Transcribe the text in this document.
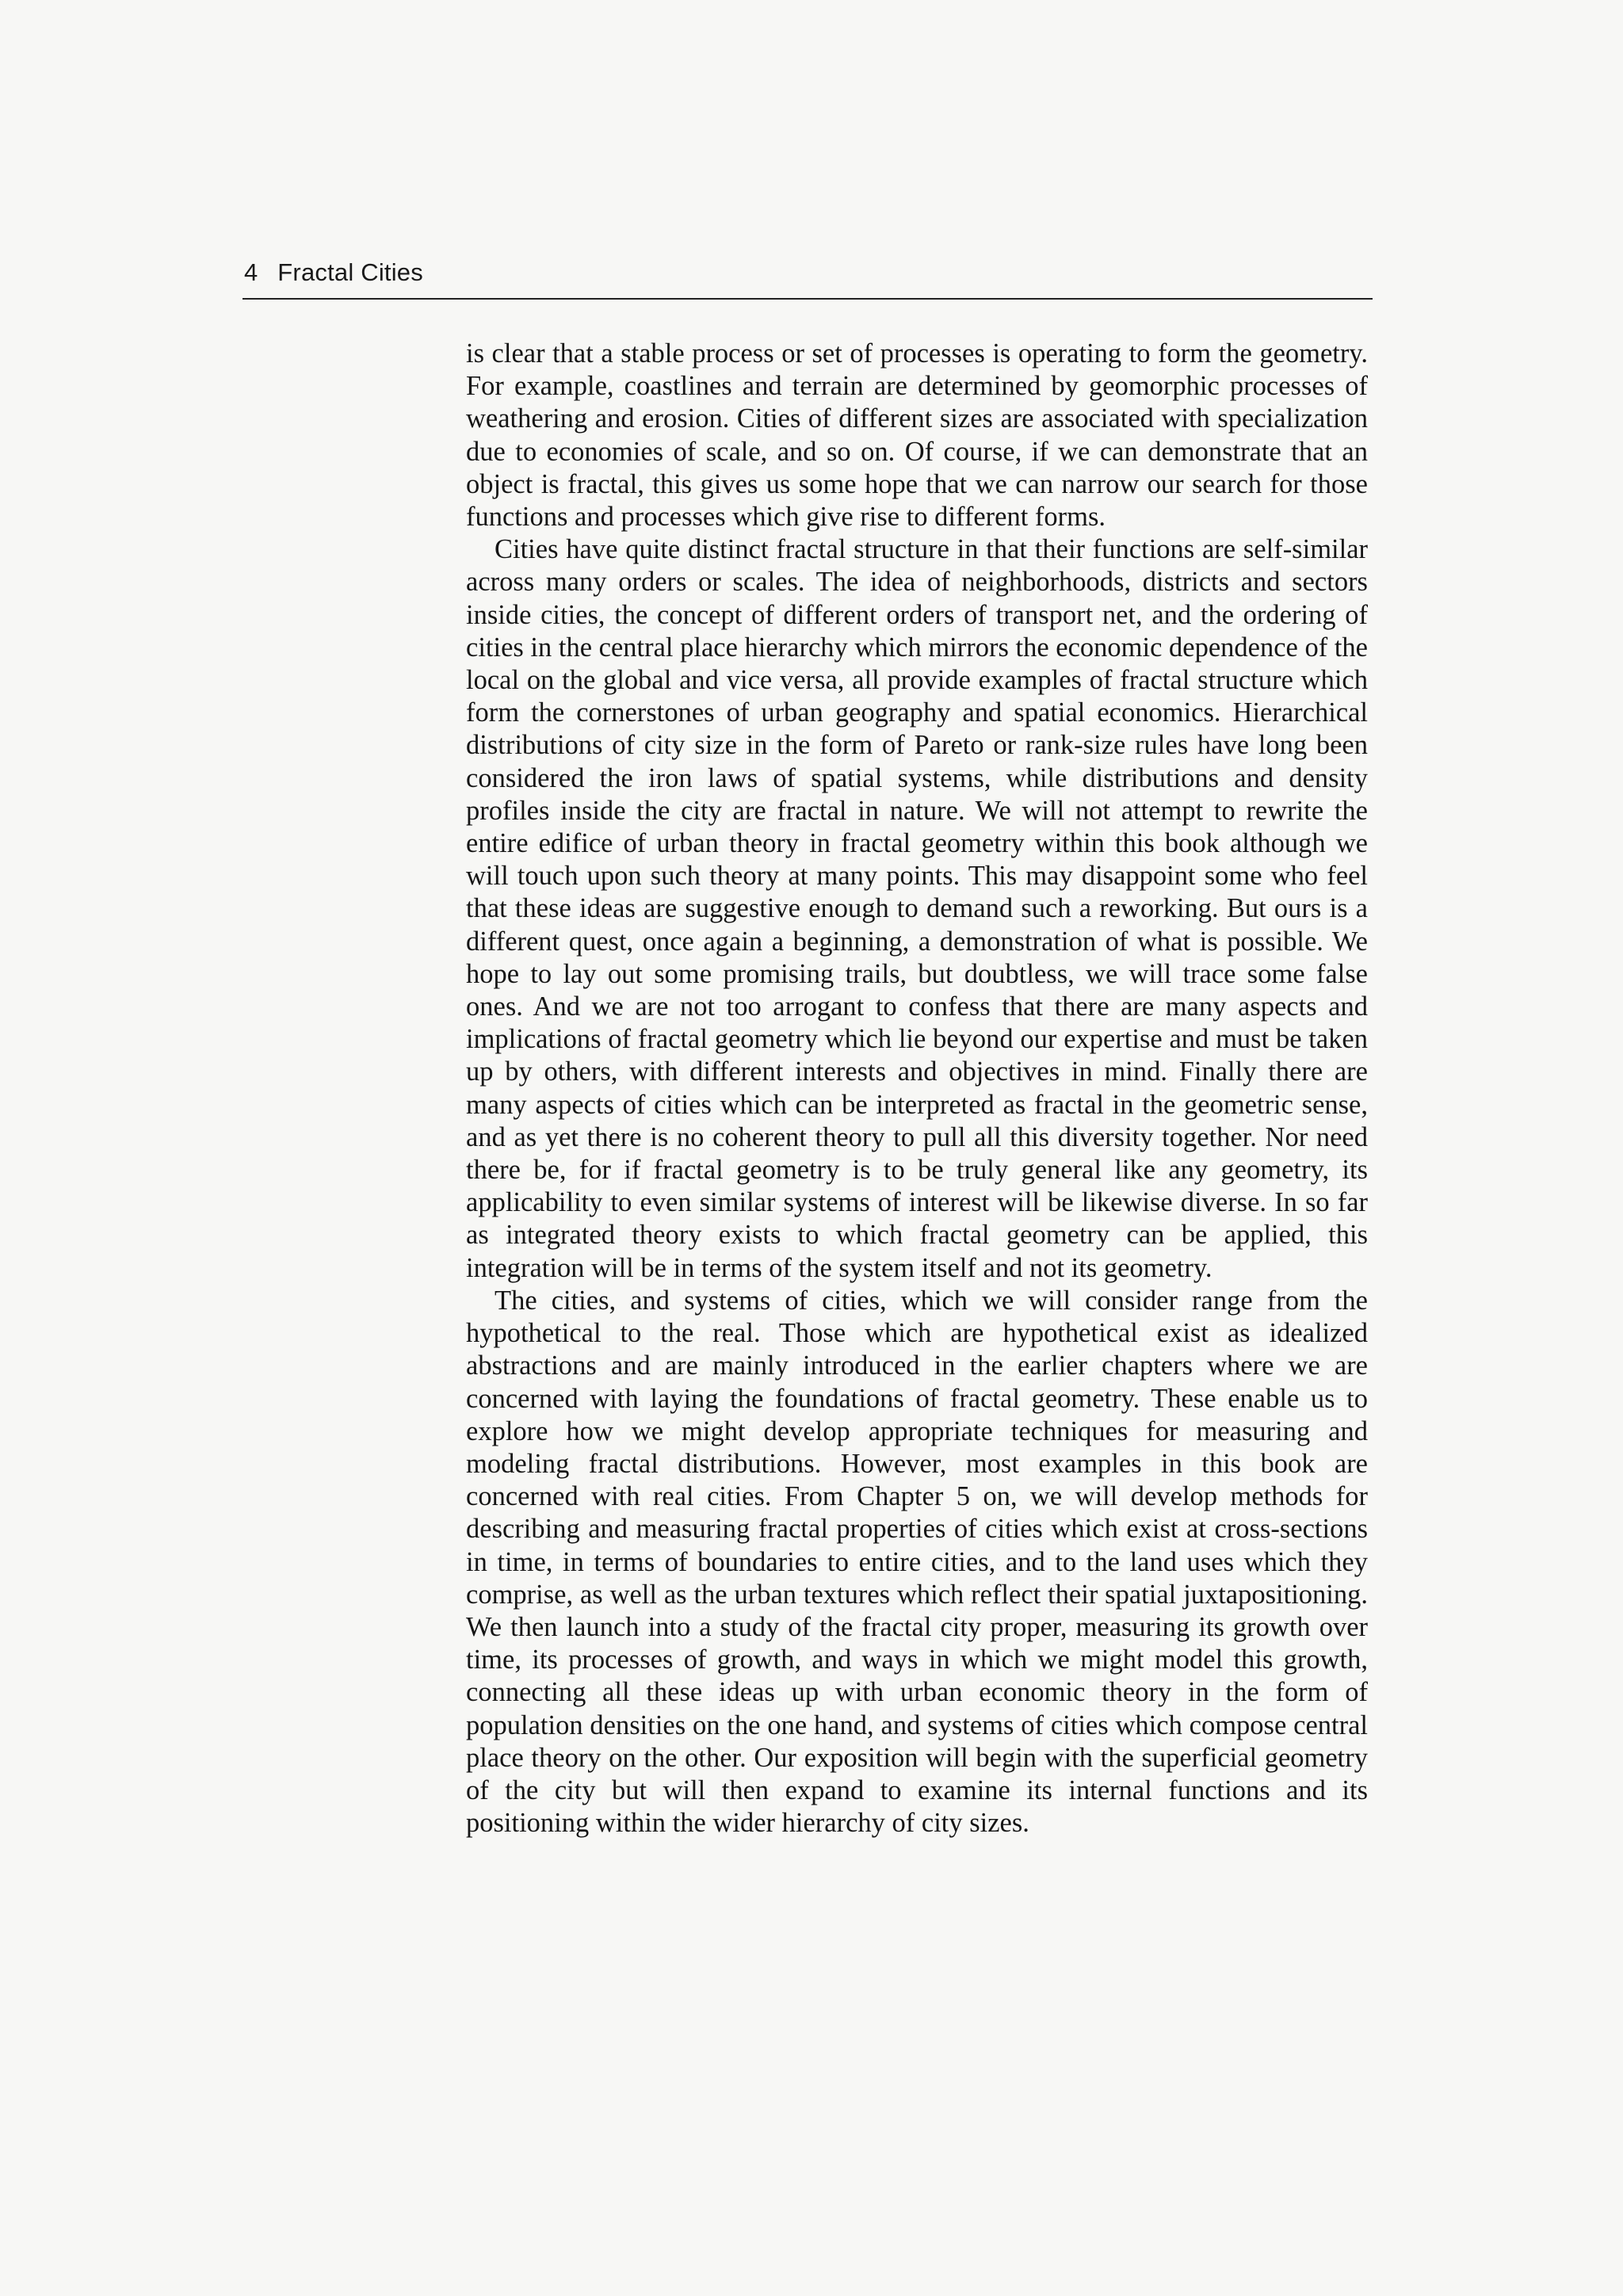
4 Fractal Cities

is clear that a stable process or set of processes is operating to form the geometry. For example, coastlines and terrain are determined by geomorphic processes of weathering and erosion. Cities of different sizes are associated with specialization due to economies of scale, and so on. Of course, if we can demonstrate that an object is fractal, this gives us some hope that we can narrow our search for those functions and processes which give rise to different forms.

Cities have quite distinct fractal structure in that their functions are self-similar across many orders or scales. The idea of neighborhoods, districts and sectors inside cities, the concept of different orders of transport net, and the ordering of cities in the central place hierarchy which mirrors the economic dependence of the local on the global and vice versa, all provide examples of fractal structure which form the cornerstones of urban geography and spatial economics. Hierarchical distributions of city size in the form of Pareto or rank-size rules have long been considered the iron laws of spatial systems, while distributions and density profiles inside the city are fractal in nature. We will not attempt to rewrite the entire edifice of urban theory in fractal geometry within this book although we will touch upon such theory at many points. This may disappoint some who feel that these ideas are suggestive enough to demand such a reworking. But ours is a different quest, once again a beginning, a demonstration of what is possible. We hope to lay out some promising trails, but doubtless, we will trace some false ones. And we are not too arrogant to confess that there are many aspects and implications of fractal geometry which lie beyond our expertise and must be taken up by others, with different interests and objectives in mind. Finally there are many aspects of cities which can be interpreted as fractal in the geometric sense, and as yet there is no coherent theory to pull all this diversity together. Nor need there be, for if fractal geometry is to be truly general like any geometry, its applicability to even similar systems of interest will be likewise diverse. In so far as integrated theory exists to which fractal geometry can be applied, this integration will be in terms of the system itself and not its geometry.

The cities, and systems of cities, which we will consider range from the hypothetical to the real. Those which are hypothetical exist as idealized abstractions and are mainly introduced in the earlier chapters where we are concerned with laying the foundations of fractal geometry. These enable us to explore how we might develop appropriate techniques for measuring and modeling fractal distributions. However, most examples in this book are concerned with real cities. From Chapter 5 on, we will develop methods for describing and measuring fractal properties of cities which exist at cross-sections in time, in terms of boundaries to entire cities, and to the land uses which they comprise, as well as the urban textures which reflect their spatial juxtapositioning. We then launch into a study of the fractal city proper, measuring its growth over time, its processes of growth, and ways in which we might model this growth, connecting all these ideas up with urban economic theory in the form of population densities on the one hand, and systems of cities which compose central place theory on the other. Our exposition will begin with the superficial geometry of the city but will then expand to examine its internal functions and its positioning within the wider hierarchy of city sizes.
